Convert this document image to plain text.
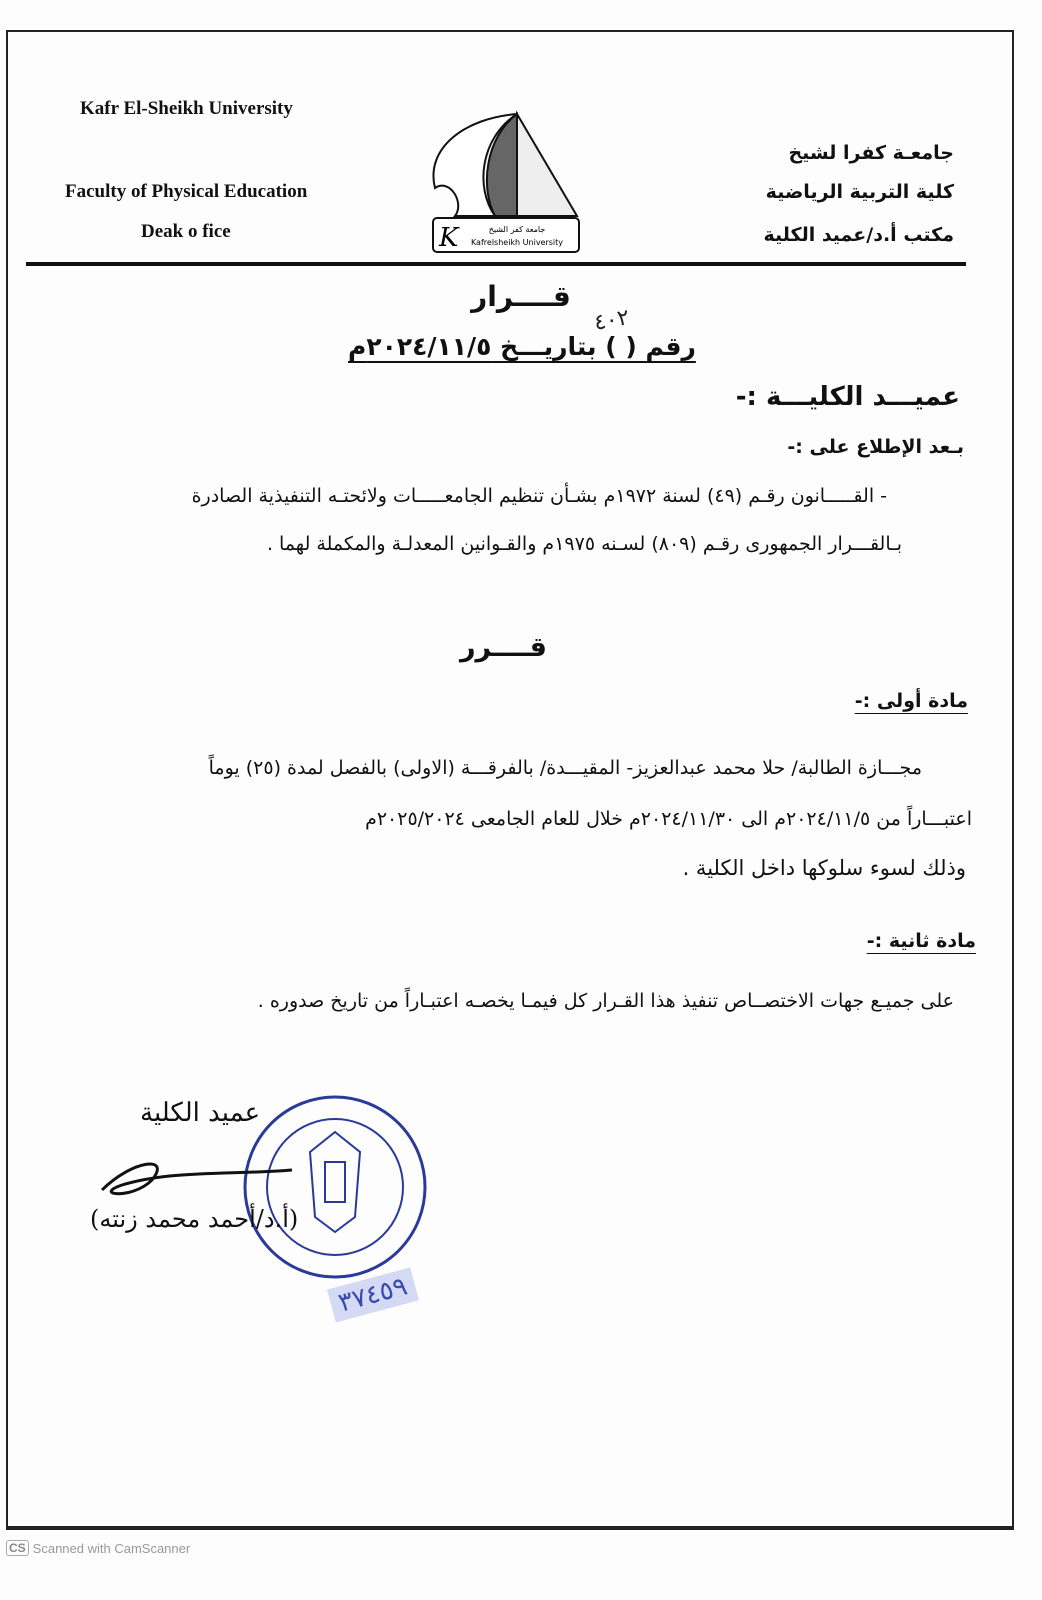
Kafr El-Sheikh University
Faculty of Physical Education
Deak o fice	K	جامعة كفر الشيخ
Kafrelsheikh University
جامعـة كفرا لشيخ
كلية التربية الرياضية
مكتب أ.د/عميد الكلية
قــــرار
رقم ( ) بتاريـــخ ٢٠٢٤/١١/٥م
٤٠٢
عميـــد الكليـــة :-
بـعد الإطلاع على :-
- القـــــانون رقـم (٤٩) لسنة ١٩٧٢م بشـأن تنظيم الجامعـــــات ولائحتـه التنفيذية الصادرة
بـالقـــرار الجمهورى رقـم (٨٠٩) لسـنه ١٩٧٥م والقـوانين المعدلـة والمكملة لهما .
قــــرر
مادة أولى :-
مجـــازة الطالبة/ حلا محمد عبدالعزيز- المقيـــدة/ بالفرقـــة (الاولى) بالفصل لمدة (٢٥) يوماً
اعتبـــاراً من ٢٠٢٤/١١/٥م الى ٢٠٢٤/١١/٣٠م خلال للعام الجامعى ٢٠٢٥/٢٠٢٤م
وذلك لسوء سلوكها داخل الكلية .
مادة ثانية :-
على جميـع جهات الاختصــاص تنفيذ هذا القـرار كل فيمـا يخصـه اعتبـاراً من تاريخ صدوره .
عميد الكلية
(أ.د/أحمد محمد زنته)
٣٧٤٥٩
CS Scanned with CamScanner
